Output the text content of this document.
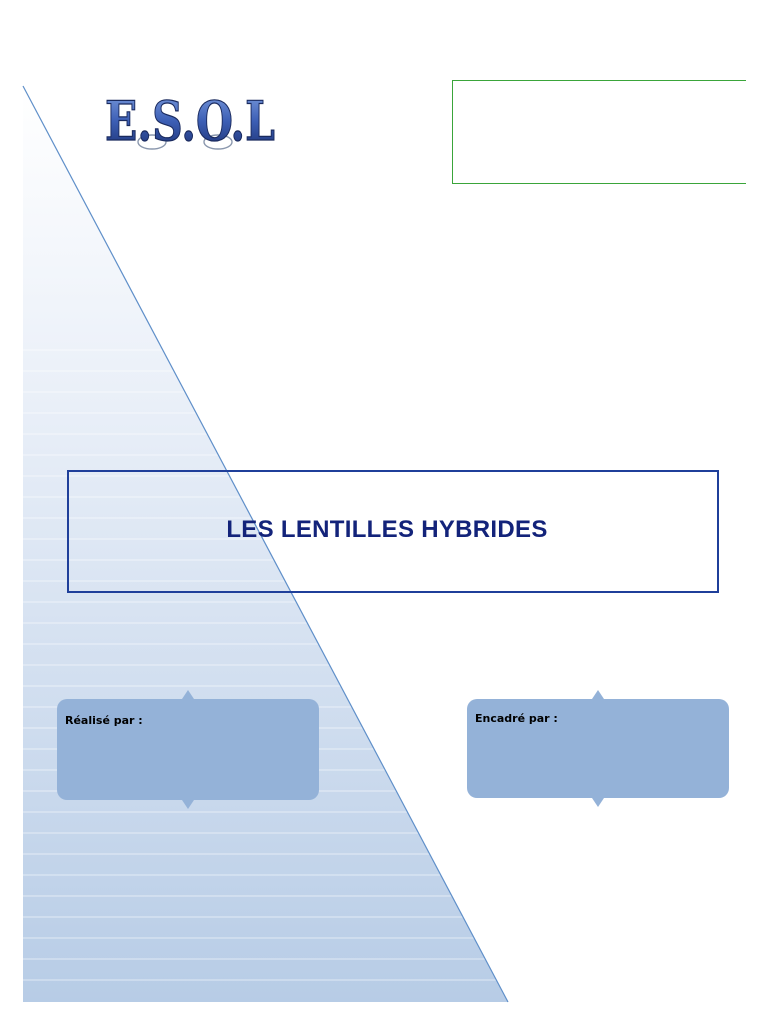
E.S.O.L
LES LENTILLES HYBRIDES
Réalisé par :	Encadré par :
